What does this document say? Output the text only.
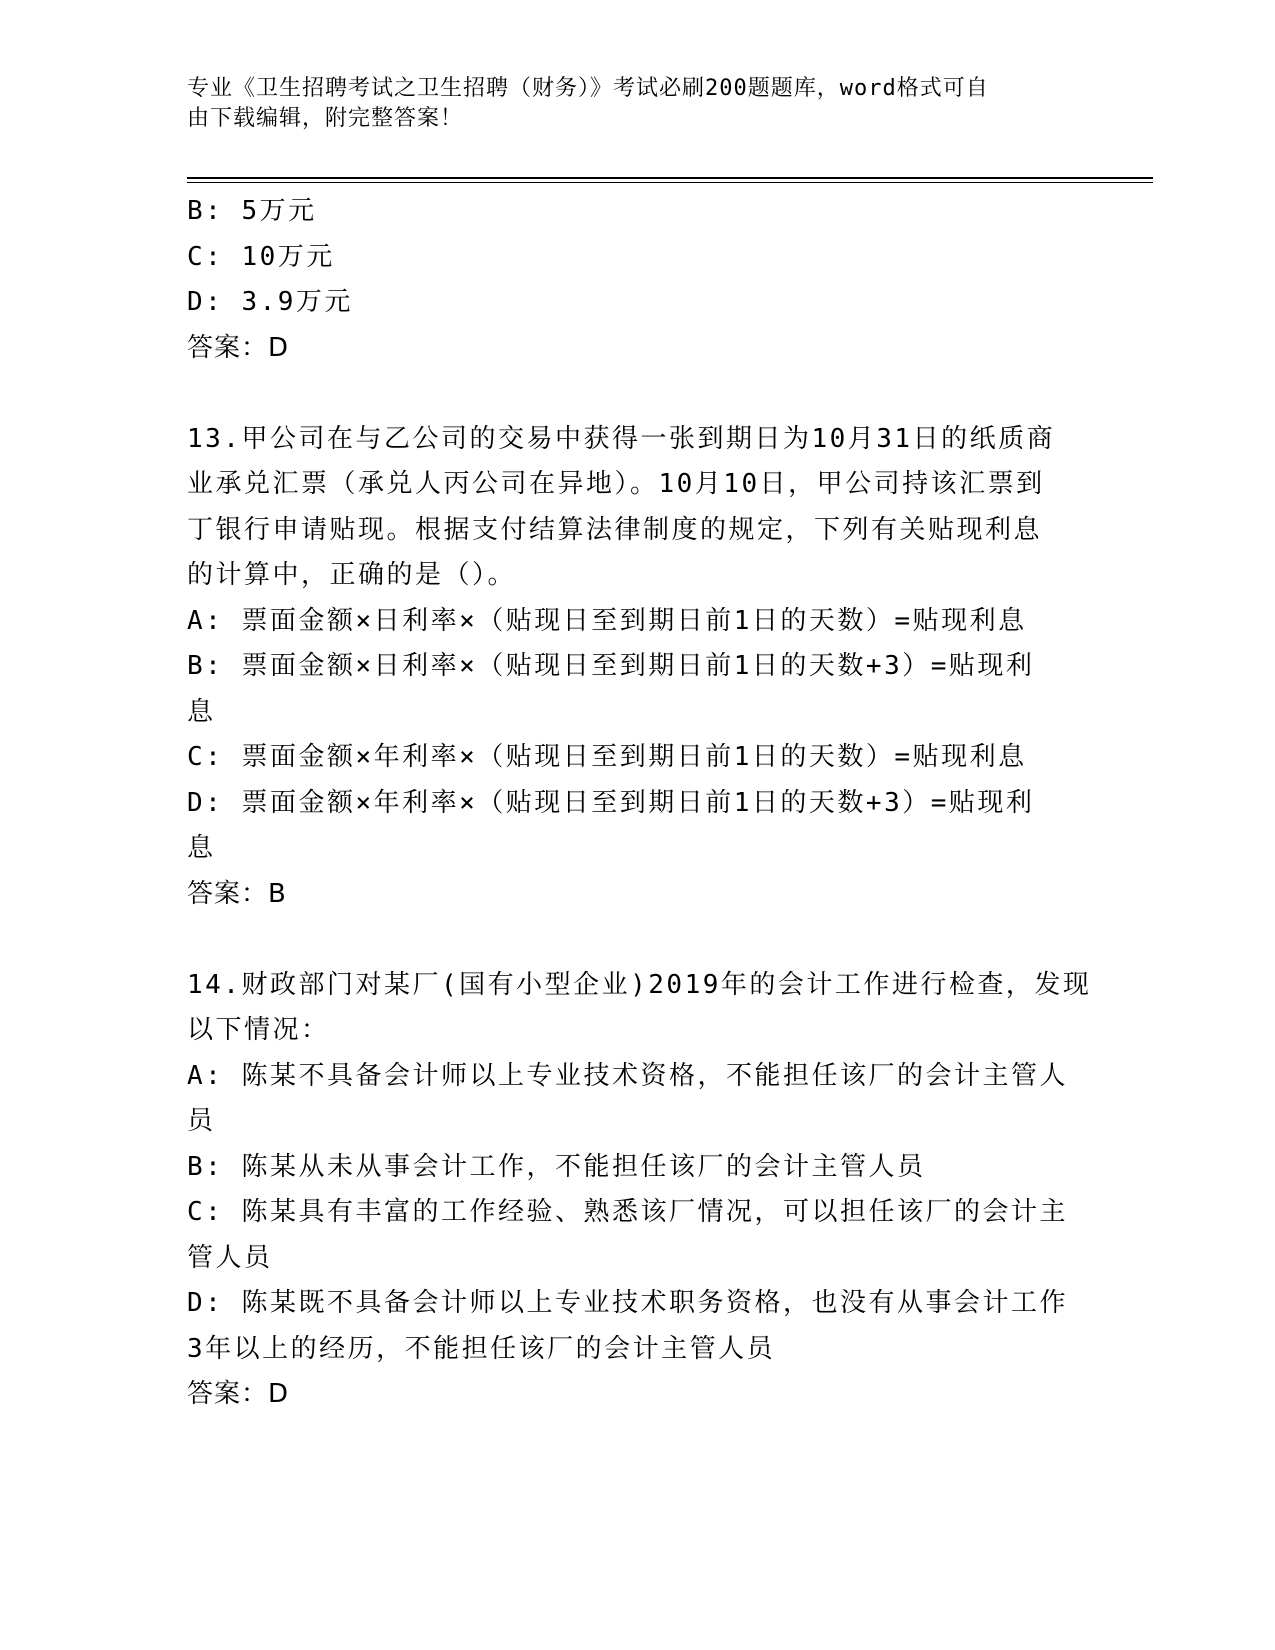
专业《卫生招聘考试之卫生招聘（财务）》考试必刷200题题库，word格式可自
由下载编辑，附完整答案！
B: 5万元
C: 10万元
D: 3.9万元
答案：D
13.甲公司在与乙公司的交易中获得一张到期日为10月31日的纸质商
业承兑汇票（承兑人丙公司在异地）。10月10日，甲公司持该汇票到
丁银行申请贴现。根据支付结算法律制度的规定，下列有关贴现利息
的计算中，正确的是（）。
A: 票面金额×日利率×（贴现日至到期日前1日的天数）=贴现利息
B: 票面金额×日利率×（贴现日至到期日前1日的天数+3）=贴现利
息
C: 票面金额×年利率×（贴现日至到期日前1日的天数）=贴现利息
D: 票面金额×年利率×（贴现日至到期日前1日的天数+3）=贴现利
息
答案：B
14.财政部门对某厂(国有小型企业)2019年的会计工作进行检查，发现
以下情况：
A: 陈某不具备会计师以上专业技术资格，不能担任该厂的会计主管人
员
B: 陈某从未从事会计工作，不能担任该厂的会计主管人员
C: 陈某具有丰富的工作经验、熟悉该厂情况，可以担任该厂的会计主
管人员
D: 陈某既不具备会计师以上专业技术职务资格，也没有从事会计工作
3年以上的经历，不能担任该厂的会计主管人员
答案：D
